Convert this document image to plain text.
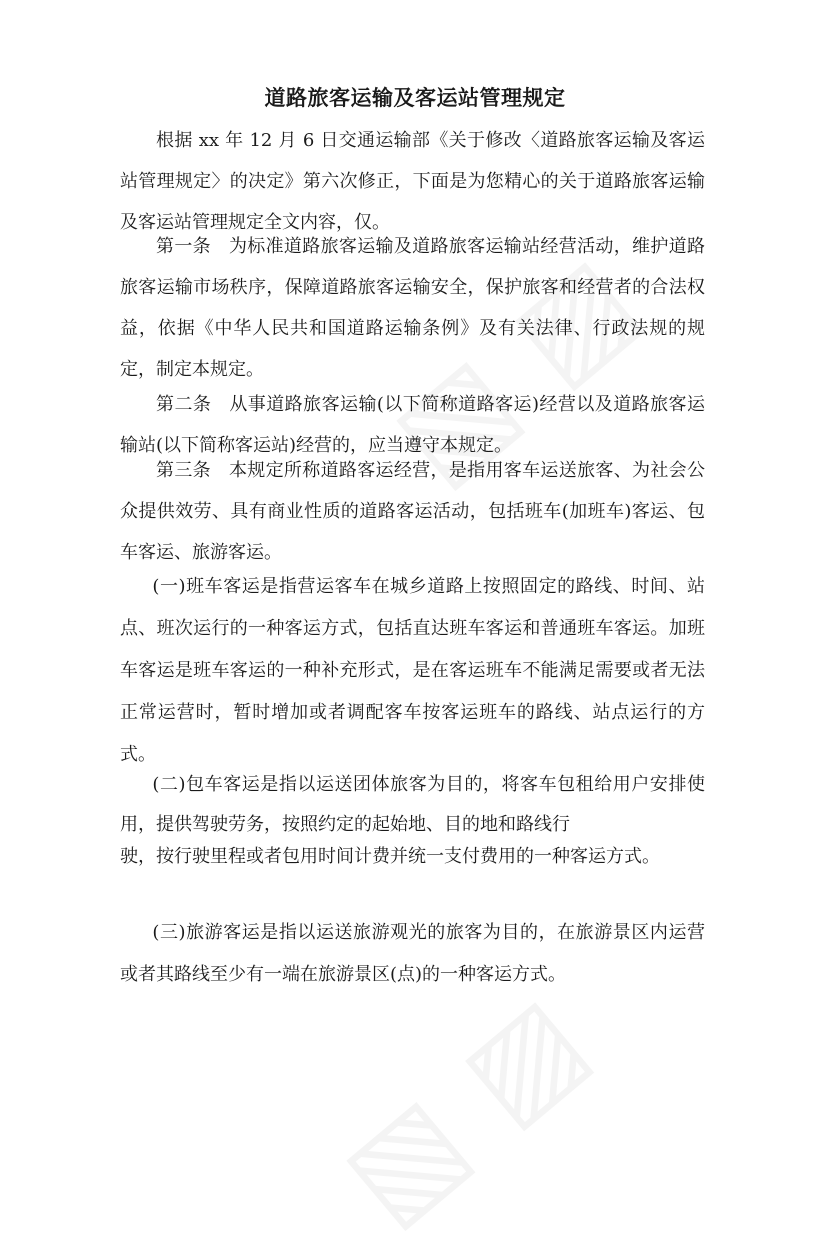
道路旅客运输及客运站管理规定

根据 xx 年 12 月 6 日交通运输部《关于修改〈道路旅客运输及客运站管理规定〉的决定》第六次修正，下面是为您精心的关于道路旅客运输及客运站管理规定全文内容，仅。

第一条 为标准道路旅客运输及道路旅客运输站经营活动，维护道路旅客运输市场秩序，保障道路旅客运输安全，保护旅客和经营者的合法权益，依据《中华人民共和国道路运输条例》及有关法律、行政法规的规定，制定本规定。

第二条 从事道路旅客运输(以下简称道路客运)经营以及道路旅客运输站(以下简称客运站)经营的，应当遵守本规定。

第三条 本规定所称道路客运经营，是指用客车运送旅客、为社会公众提供效劳、具有商业性质的道路客运活动，包括班车(加班车)客运、包车客运、旅游客运。

(一)班车客运是指营运客车在城乡道路上按照固定的路线、时间、站点、班次运行的一种客运方式，包括直达班车客运和普通班车客运。加班车客运是班车客运的一种补充形式，是在客运班车不能满足需要或者无法正常运营时，暂时增加或者调配客车按客运班车的路线、站点运行的方式。

(二)包车客运是指以运送团体旅客为目的，将客车包租给用户安排使用，提供驾驶劳务，按照约定的起始地、目的地和路线行

驶，按行驶里程或者包用时间计费并统一支付费用的一种客运方式。

(三)旅游客运是指以运送旅游观光的旅客为目的，在旅游景区内运营或者其路线至少有一端在旅游景区(点)的一种客运方式。
